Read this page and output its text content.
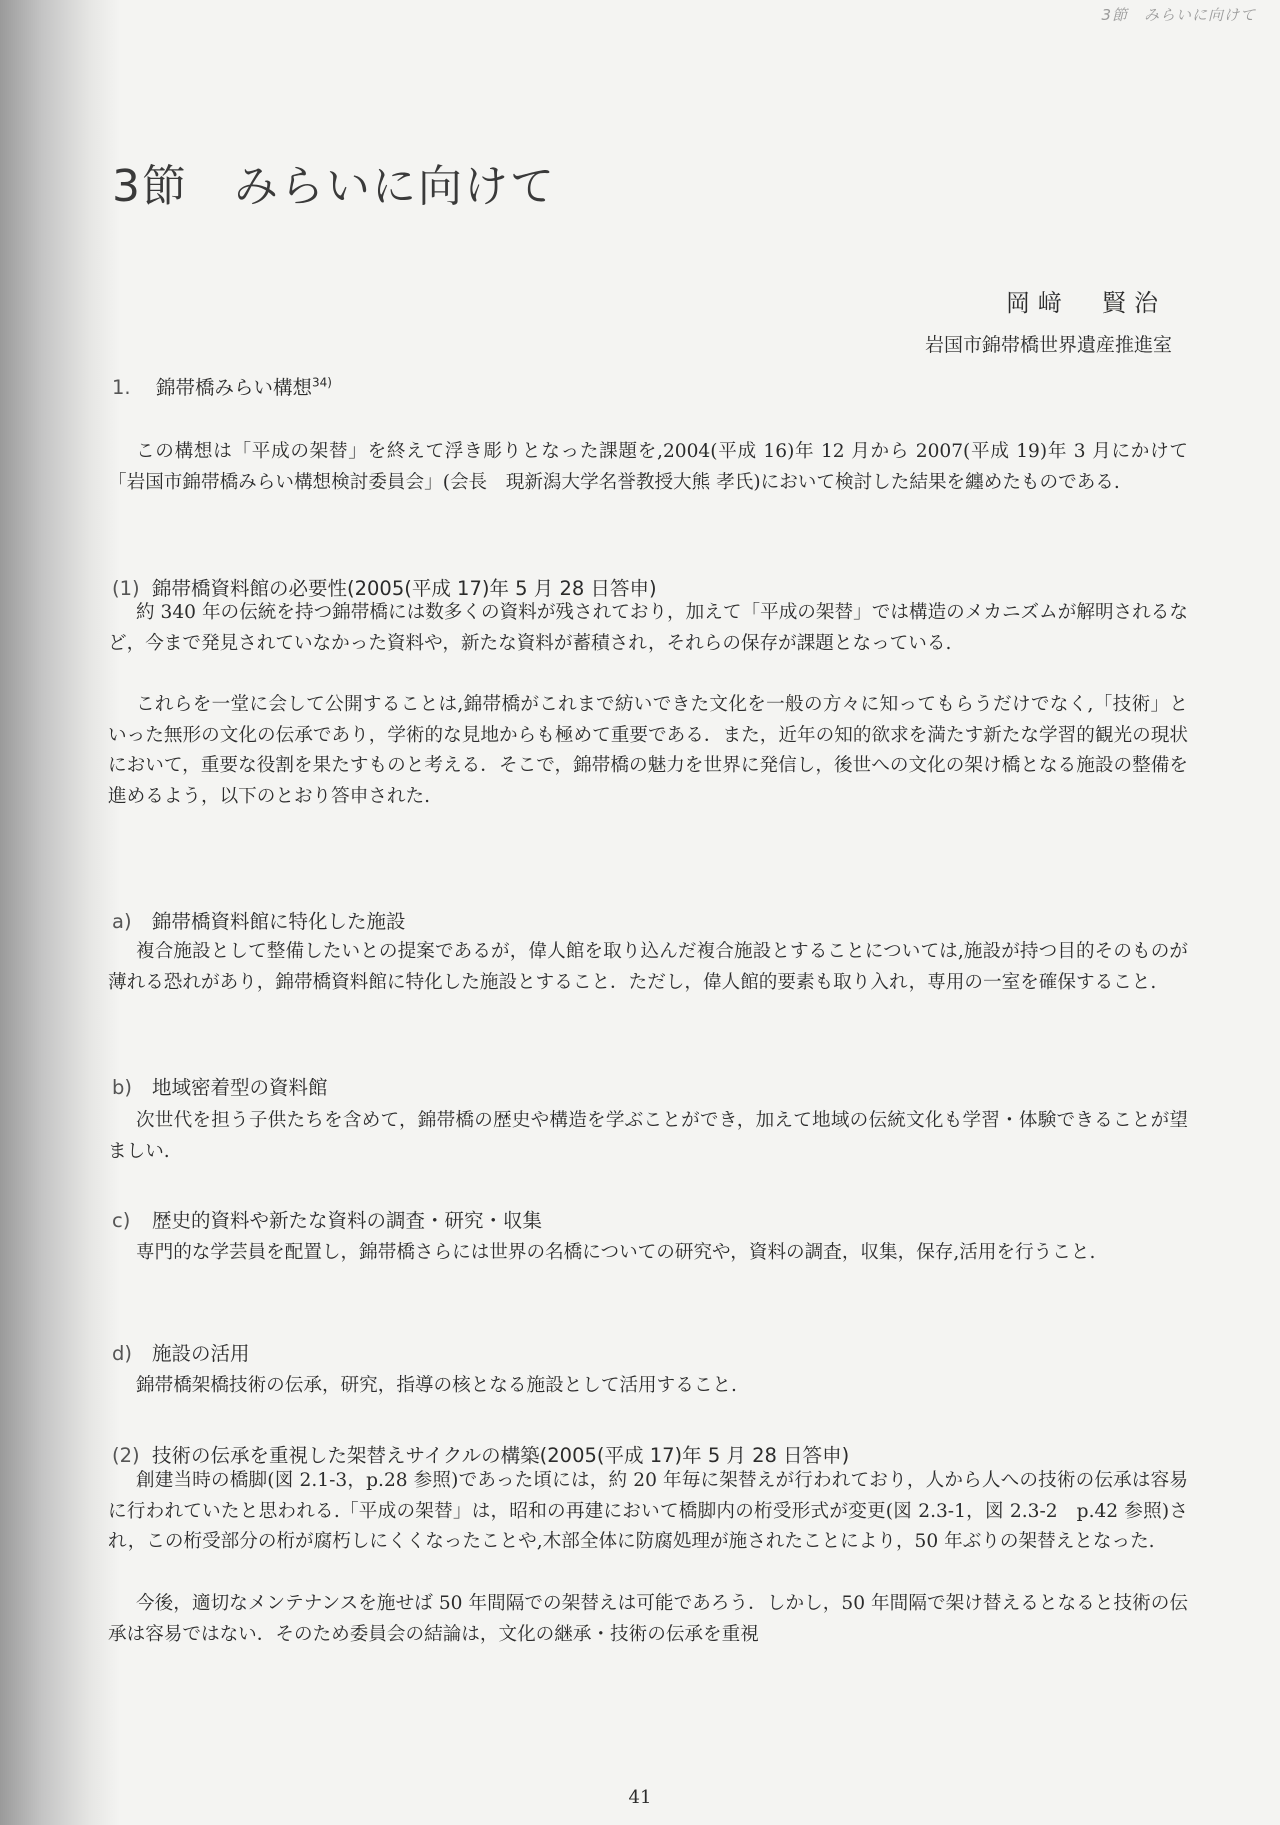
3節　みらいに向けて
3節　みらいに向けて
岡﨑　賢治
岩国市錦帯橋世界遺産推進室
1. 錦帯橋みらい構想$^{34)}$

この構想は「平成の架替」を終えて浮き彫りとなった課題を,2004(平成 16)年 12 月から 2007(平成 19)年 3 月にかけて「岩国市錦帯橋みらい構想検討委員会」(会長　現新潟大学名誉教授大熊 孝氏)において検討した結果を纏めたものである.

(1) 錦帯橋資料館の必要性(2005(平成 17)年 5 月 28 日答申)

約 340 年の伝統を持つ錦帯橋には数多くの資料が残されており，加えて「平成の架替」では構造のメカニズムが解明されるなど，今まで発見されていなかった資料や，新たな資料が蓄積され，それらの保存が課題となっている.

これらを一堂に会して公開することは,錦帯橋がこれまで紡いできた文化を一般の方々に知ってもらうだけでなく,「技術」といった無形の文化の伝承であり，学術的な見地からも極めて重要である．また，近年の知的欲求を満たす新たな学習的観光の現状において，重要な役割を果たすものと考える．そこで，錦帯橋の魅力を世界に発信し，後世への文化の架け橋となる施設の整備を進めるよう，以下のとおり答申された.

a) 錦帯橋資料館に特化した施設

複合施設として整備したいとの提案であるが，偉人館を取り込んだ複合施設とすることについては,施設が持つ目的そのものが薄れる恐れがあり，錦帯橋資料館に特化した施設とすること．ただし，偉人館的要素も取り入れ，専用の一室を確保すること.

b) 地域密着型の資料館

次世代を担う子供たちを含めて，錦帯橋の歴史や構造を学ぶことができ，加えて地域の伝統文化も学習・体験できることが望ましい.

c) 歴史的資料や新たな資料の調査・研究・収集

専門的な学芸員を配置し，錦帯橋さらには世界の名橋についての研究や，資料の調査，収集，保存,活用を行うこと.

d) 施設の活用

錦帯橋架橋技術の伝承，研究，指導の核となる施設として活用すること.

(2) 技術の伝承を重視した架替えサイクルの構築(2005(平成 17)年 5 月 28 日答申)

創建当時の橋脚(図 2.1-3，p.28 参照)であった頃には，約 20 年毎に架替えが行われており，人から人への技術の伝承は容易に行われていたと思われる.「平成の架替」は，昭和の再建において橋脚内の桁受形式が変更(図 2.3-1，図 2.3-2　p.42 参照)され，この桁受部分の桁が腐朽しにくくなったことや,木部全体に防腐処理が施されたことにより，50 年ぶりの架替えとなった.

今後，適切なメンテナンスを施せば 50 年間隔での架替えは可能であろう．しかし，50 年間隔で架け替えるとなると技術の伝承は容易ではない．そのため委員会の結論は，文化の継承・技術の伝承を重視

41
